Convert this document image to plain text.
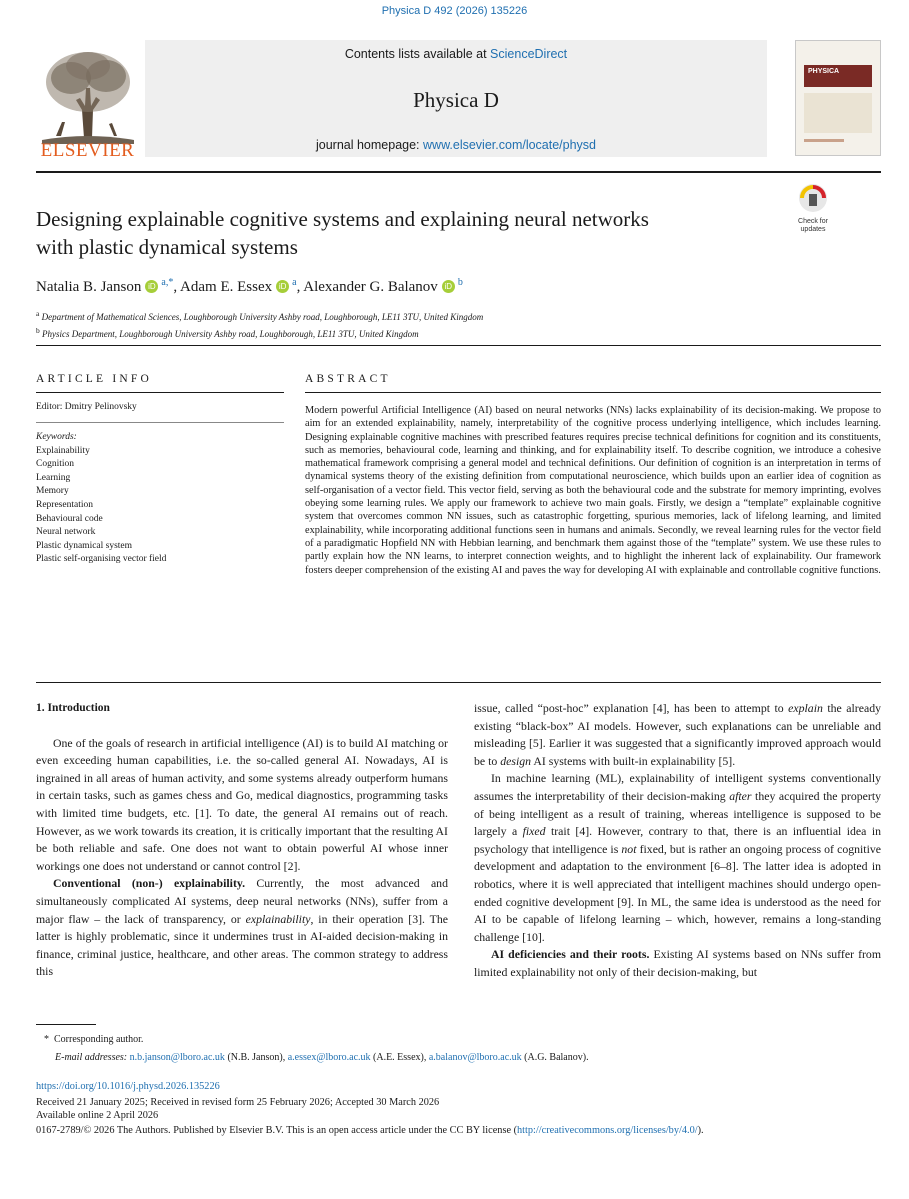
Physica D 492 (2026) 135226
ELSEVIER
Contents lists available at ScienceDirect
Physica D
journal homepage: www.elsevier.com/locate/physd
PHYSICA
Check for updates
Designing explainable cognitive systems and explaining neural networks
with plastic dynamical systems
Natalia B. Janson iD $^{a,*}$, Adam E. Essex iD $^a$, Alexander G. Balanov iD $^b$
$^a$ Department of Mathematical Sciences, Loughborough University Ashby road, Loughborough, LE11 3TU, United Kingdom
$^b$ Physics Department, Loughborough University Ashby road, Loughborough, LE11 3TU, United Kingdom
ARTICLE INFO
Editor: Dmitry Pelinovsky
Keywords:
Explainability
Cognition
Learning
Memory
Representation
Behavioural code
Neural network
Plastic dynamical system
Plastic self-organising vector field
ABSTRACT
Modern powerful Artificial Intelligence (AI) based on neural networks (NNs) lacks explainability of its decision-making. We propose to aim for an extended explainability, namely, interpretability of the cognitive process underlying intelligence, which includes learning. Designing explainable cognitive machines with prescribed features requires precise technical definitions for cognition and its constituents, such as memories, behavioural code, learning and thinking, and for explainability itself. To describe cognition, we introduce a cohesive mathematical framework comprising a general model and technical definitions. Our definition of cognition is an interpretation in terms of dynamical systems theory of the existing definition from computational neuroscience, which builds upon an earlier idea of cognition as self-organisation of a vector field. This vector field, serving as both the behavioural code and the substrate for memory imprinting, evolves obeying some learning rules. We apply our framework to achieve two main goals. Firstly, we design a “template” explainable cognitive system that overcomes common NN issues, such as catastrophic forgetting, spurious memories, lack of lifelong learning, and limited explainability, while incorporating additional functions seen in humans and animals. Secondly, we reveal learning rules for the vector field of a paradigmatic Hopfield NN with Hebbian learning, and benchmark them against those of the “template” system. We use these rules to partly explain how the NN learns, to interpret connection weights, and to highlight the inherent lack of explainability. Our framework fosters deeper comprehension of the existing AI and paves the way for developing AI with explainable and controllable cognitive functions.
1. Introduction

One of the goals of research in artificial intelligence (AI) is to build AI matching or even exceeding human capabilities, i.e. the so-called general AI. Nowadays, AI is ingrained in all areas of human activity, and some systems already outperform humans in certain tasks, such as games chess and Go, medical diagnostics, programming tasks with limited time budgets, etc. [1]. To date, the general AI remains out of reach. However, as we work towards its creation, it is critically important that the resulting AI be both reliable and safe. One does not want to obtain powerful AI whose inner workings one does not understand or cannot control [2].

Conventional (non-) explainability. Currently, the most advanced and simultaneously complicated AI systems, deep neural networks (NNs), suffer from a major flaw – the lack of transparency, or explainability, in their operation [3]. The latter is highly problematic, since it undermines trust in AI-aided decision-making in finance, criminal justice, healthcare, and other areas. The common strategy to address this

issue, called “post-hoc” explanation [4], has been to attempt to explain the already existing “black-box” AI models. However, such explanations can be unreliable and misleading [5]. Earlier it was suggested that a significantly improved approach would be to design AI systems with built-in explainability [5].

In machine learning (ML), explainability of intelligent systems conventionally assumes the interpretability of their decision-making after they acquired the property of being intelligent as a result of training, whereas intelligence is supposed to be largely a fixed trait [4]. However, contrary to that, there is an influential idea in psychology that intelligence is not fixed, but is rather an ongoing process of cognitive development and adaptation to the environment [6–8]. The latter idea is adopted in robotics, where it is well appreciated that intelligent machines should undergo open-ended cognitive development [9]. In ML, the same idea is understood as the need for AI to be capable of lifelong learning – which, however, remains a long-standing challenge [10].

AI deficiencies and their roots. Existing AI systems based on NNs suffer from limited explainability not only of their decision-making, but

* Corresponding author.
E-mail addresses: n.b.janson@lboro.ac.uk (N.B. Janson), a.essex@lboro.ac.uk (A.E. Essex), a.balanov@lboro.ac.uk (A.G. Balanov).
https://doi.org/10.1016/j.physd.2026.135226
Received 21 January 2025; Received in revised form 25 February 2026; Accepted 30 March 2026
Available online 2 April 2026
0167-2789/© 2026 The Authors. Published by Elsevier B.V. This is an open access article under the CC BY license (http://creativecommons.org/licenses/by/4.0/).
